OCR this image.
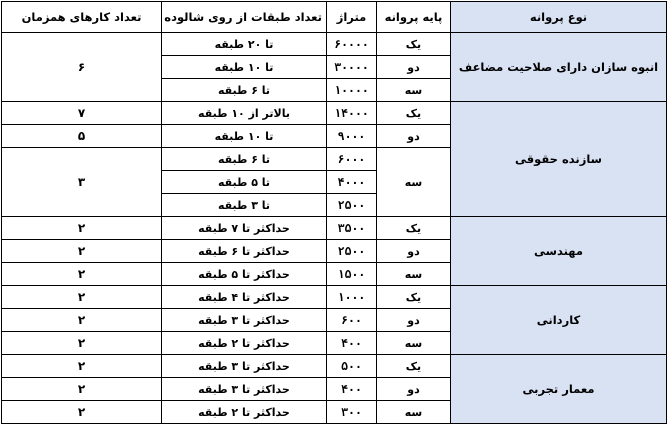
نوع پروانه	پایه پروانه	متراژ	تعداد طبقات از روی شالوده	تعداد کارهای همزمان
انبوه سازان دارای صلاحیت مضاعف	یک	۶۰۰۰۰	تا ۲۰ طبقه	۶
	دو	۳۰۰۰۰	تا ۱۰ طبقه	
	سه	۱۰۰۰۰	تا ۶ طبقه	
سازنده حقوقی	یک	۱۴۰۰۰	بالاتر از ۱۰ طبقه	۷
	دو	۹۰۰۰	تا ۱۰ طبقه	۵
	سه	۶۰۰۰	تا ۶ طبقه	۳
		۴۰۰۰	تا ۵ طبقه	
		۲۵۰۰	تا ۳ طبقه	
مهندسی	یک	۳۵۰۰	حداکثر تا ۷ طبقه	۲
	دو	۲۵۰۰	حداکثر تا ۶ طبقه	۲
	سه	۱۵۰۰	حداکثر تا ۵ طبقه	۲
کاردانی	یک	۱۰۰۰	حداکثر تا ۴ طبقه	۲
	دو	۶۰۰	حداکثر تا ۳ طبقه	۲
	سه	۴۰۰	حداکثر تا ۲ طبقه	۲
معمار تجربی	یک	۵۰۰	حداکثر تا ۳ طبقه	۲
	دو	۴۰۰	حداکثر تا ۳ طبقه	۲
	سه	۳۰۰	حداکثر تا ۲ طبقه	۲
